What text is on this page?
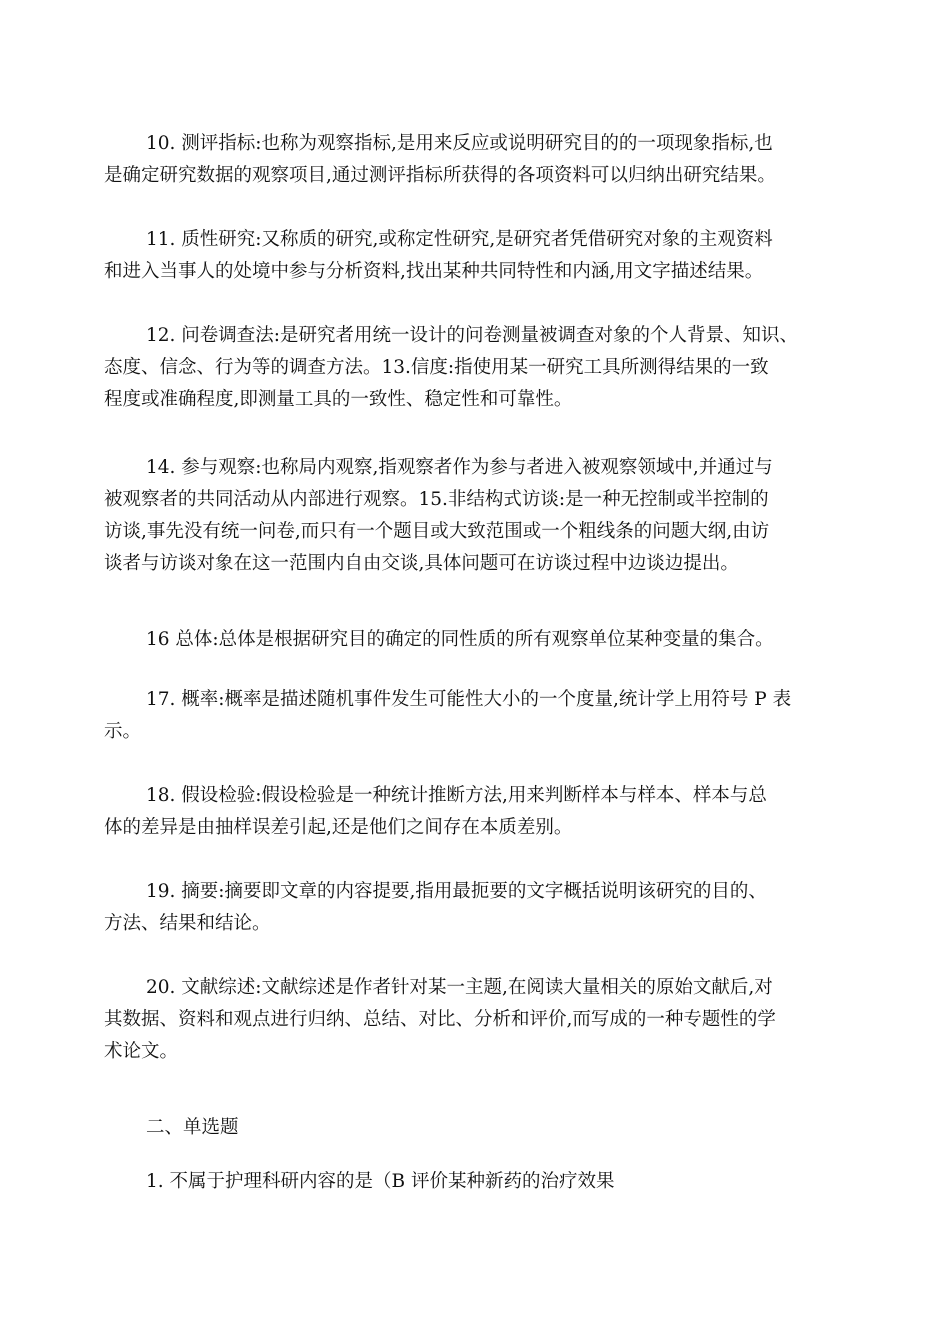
10. 测评指标:也称为观察指标,是用来反应或说明研究目的的一项现象指标,也
是确定研究数据的观察项目,通过测评指标所获得的各项资料可以归纳出研究结果。
11. 质性研究:又称质的研究,或称定性研究,是研究者凭借研究对象的主观资料
和进入当事人的处境中参与分析资料,找出某种共同特性和内涵,用文字描述结果。
12. 问卷调查法:是研究者用统一设计的问卷测量被调查对象的个人背景、知识、
态度、信念、行为等的调查方法。13.信度:指使用某一研究工具所测得结果的一致
程度或准确程度,即测量工具的一致性、稳定性和可靠性。
14. 参与观察:也称局内观察,指观察者作为参与者进入被观察领域中,并通过与
被观察者的共同活动从内部进行观察。15.非结构式访谈:是一种无控制或半控制的
访谈,事先没有统一问卷,而只有一个题目或大致范围或一个粗线条的问题大纲,由访
谈者与访谈对象在这一范围内自由交谈,具体问题可在访谈过程中边谈边提出。
16 总体:总体是根据研究目的确定的同性质的所有观察单位某种变量的集合。
17. 概率:概率是描述随机事件发生可能性大小的一个度量,统计学上用符号 P 表
示。
18. 假设检验:假设检验是一种统计推断方法,用来判断样本与样本、样本与总
体的差异是由抽样误差引起,还是他们之间存在本质差别。
19. 摘要:摘要即文章的内容提要,指用最扼要的文字概括说明该研究的目的、
方法、结果和结论。
20. 文献综述:文献综述是作者针对某一主题,在阅读大量相关的原始文献后,对
其数据、资料和观点进行归纳、总结、对比、分析和评价,而写成的一种专题性的学
术论文。
二、单选题
1. 不属于护理科研内容的是（B 评价某种新药的治疗效果
